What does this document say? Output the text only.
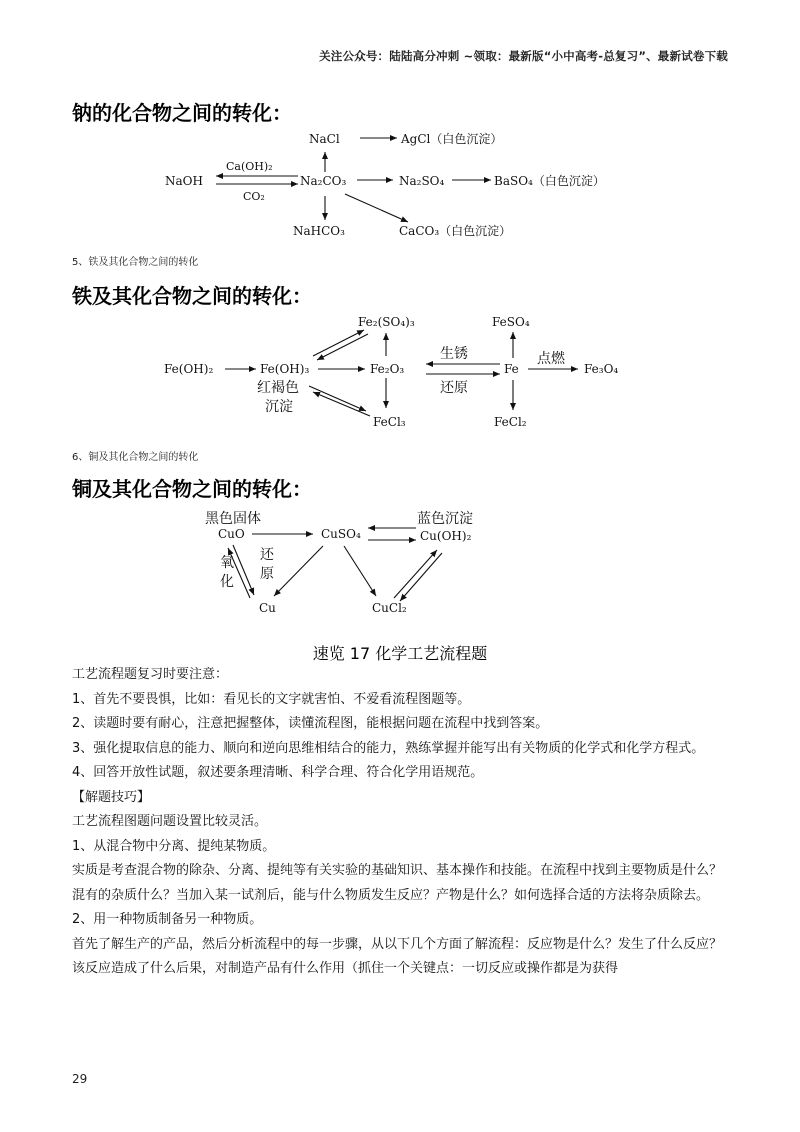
关注公众号：陆陆高分冲刺 ~领取：最新版“小中高考-总复习”、最新试卷下载
钠的化合物之间的转化：
NaCl	AgCl（白色沉淀）
NaOH	Na₂CO₃	Na₂SO₄	BaSO₄（白色沉淀）
NaHCO₃	CaCO₃（白色沉淀）
Ca(OH)₂
CO₂
Fe(OH)₂	Fe(OH)₃
Fe₂(SO₄)₃
Fe₂O₃
FeCl₃
Fe
FeSO₄
FeCl₂
Fe₃O₄
生锈
还原
点燃
红褐色
沉淀
黑色固体
CuO	CuSO₄
蓝色沉淀
Cu(OH)₂
Cu	CuCl₂
氧
化
还
原
5、铁及其化合物之间的转化
铁及其化合物之间的转化：
6、铜及其化合物之间的转化
铜及其化合物之间的转化：
速览 17 化学工艺流程题

工艺流程题复习时要注意：

1、首先不要畏惧，比如：看见长的文字就害怕、不爱看流程图题等。

2、读题时要有耐心，注意把握整体，读懂流程图，能根据问题在流程中找到答案。

3、强化提取信息的能力、顺向和逆向思维相结合的能力，熟练掌握并能写出有关物质的化学式和化学方程式。

4、回答开放性试题，叙述要条理清晰、科学合理、符合化学用语规范。

【解题技巧】

工艺流程图题问题设置比较灵活。

1、从混合物中分离、提纯某物质。

实质是考查混合物的除杂、分离、提纯等有关实验的基础知识、基本操作和技能。在流程中找到主要物质是什么？混有的杂质什么？当加入某一试剂后，能与什么物质发生反应？产物是什么？如何选择合适的方法将杂质除去。

2、用一种物质制备另一种物质。

首先了解生产的产品，然后分析流程中的每一步骤，从以下几个方面了解流程：反应物是什么？发生了什么反应？该反应造成了什么后果，对制造产品有什么作用（抓住一个关键点：一切反应或操作都是为获得

29
